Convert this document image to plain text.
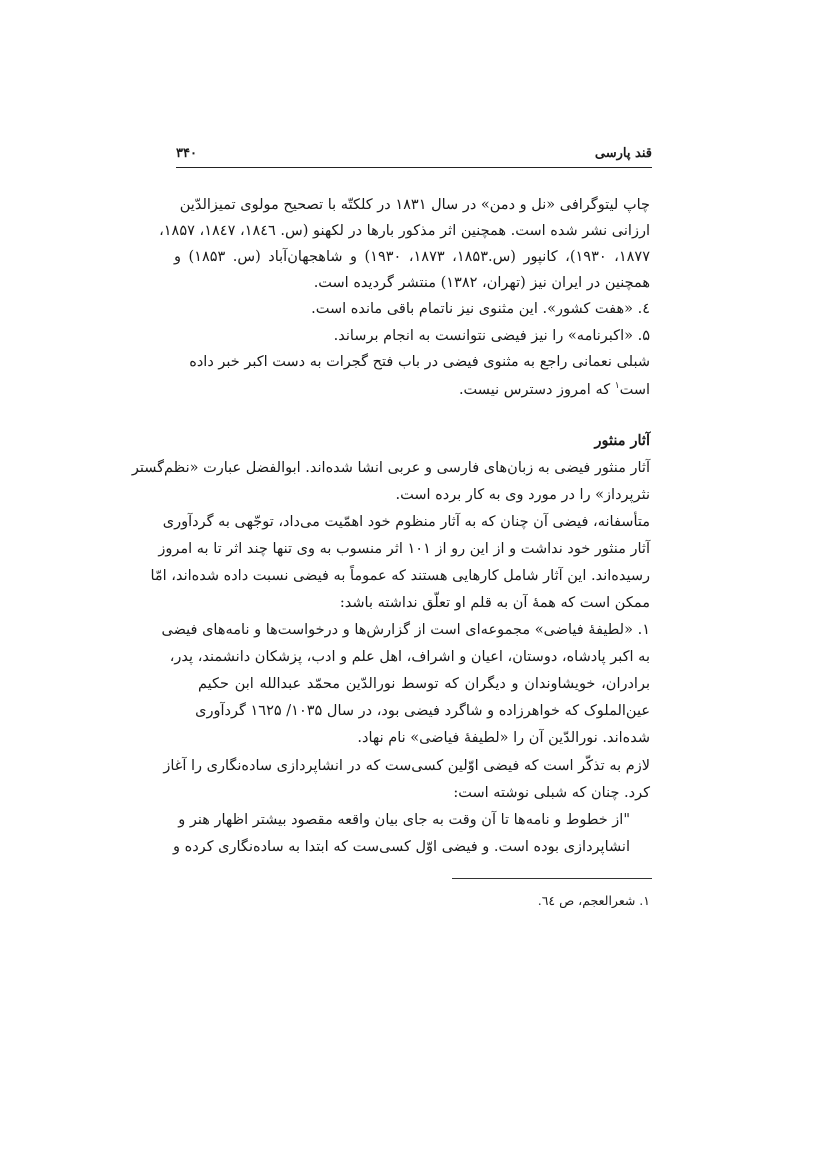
قند پارسی
۳۴۰
چاپ لیتوگرافی «نل و دمن» در سال ۱۸۳۱ در کلکتّه با تصحیح مولوی تمیزالدّین
ارزانی نشر شده است. همچنین اثر مذکور بارها در لکهنو (س. ۱۸٤٦، ۱۸٤۷، ۱۸۵۷،
۱۸۷۷، ۱۹۳۰)، کانپور (س.۱۸۵۳، ۱۸۷۳، ۱۹۳۰) و شاهجهان‌آباد (س. ۱۸۵۳) و
همچنین در ایران نیز (تهران، ۱۳۸۲) منتشر گردیده است.
٤. «هفت کشور». این مثنوی نیز ناتمام باقی مانده است.
۵. «اکبرنامه» را نیز فیضی نتوانست به انجام برساند.
شبلی نعمانی راجع به مثنوی فیضی در باب فتح گجرات به دست اکبر خبر داده
است$^۱$ که امروز دسترس نیست.
آثار منثور
آثار منثور فیضی به زبان‌های فارسی و عربی انشا شده‌اند. ابوالفضل عبارت «نظم‌گستر
نثرپرداز» را در مورد وی به کار برده است.
متأسفانه، فیضی آن چنان که به آثار منظوم خود اهمّیت می‌داد، توجّهی به گردآوری
آثار منثور خود نداشت و از این رو از ۱۰۱ اثر منسوب به وی تنها چند اثر تا به امروز
رسیده‌اند. این آثار شامل کارهایی هستند که عموماً به فیضی نسبت داده شده‌اند، امّا
ممکن است که همهٔ آن به قلم او تعلّق نداشته باشد:
۱. «لطیفهٔ فیاضی» مجموعه‌ای است از گزارش‌ها و درخواست‌ها و نامه‌های فیضی
به اکبر پادشاه، دوستان، اعیان و اشراف، اهل علم و ادب، پزشکان دانشمند، پدر،
برادران، خویشاوندان و دیگران که توسط نورالدّین محمّد عبدالله ابن حکیم
عین‌الملوک که خواهرزاده و شاگرد فیضی بود، در سال ۱۰۳۵/ ۱٦۲۵ گردآوری
شده‌اند. نورالدّین آن را «لطیفهٔ فیاضی» نام نهاد.
لازم به تذکّر است که فیضی اوّلین کسی‌ست که در انشاپردازی ساده‌نگاری را آغاز
کرد. چنان که شبلی نوشته است:
"از خطوط و نامه‌ها تا آن وقت به جای بیان واقعه مقصود بیشتر اظهار هنر و
انشاپردازی بوده است. و فیضی اوّل کسی‌ست که ابتدا به ساده‌نگاری کرده و
۱. شعرالعجم، ص ٦٤.
